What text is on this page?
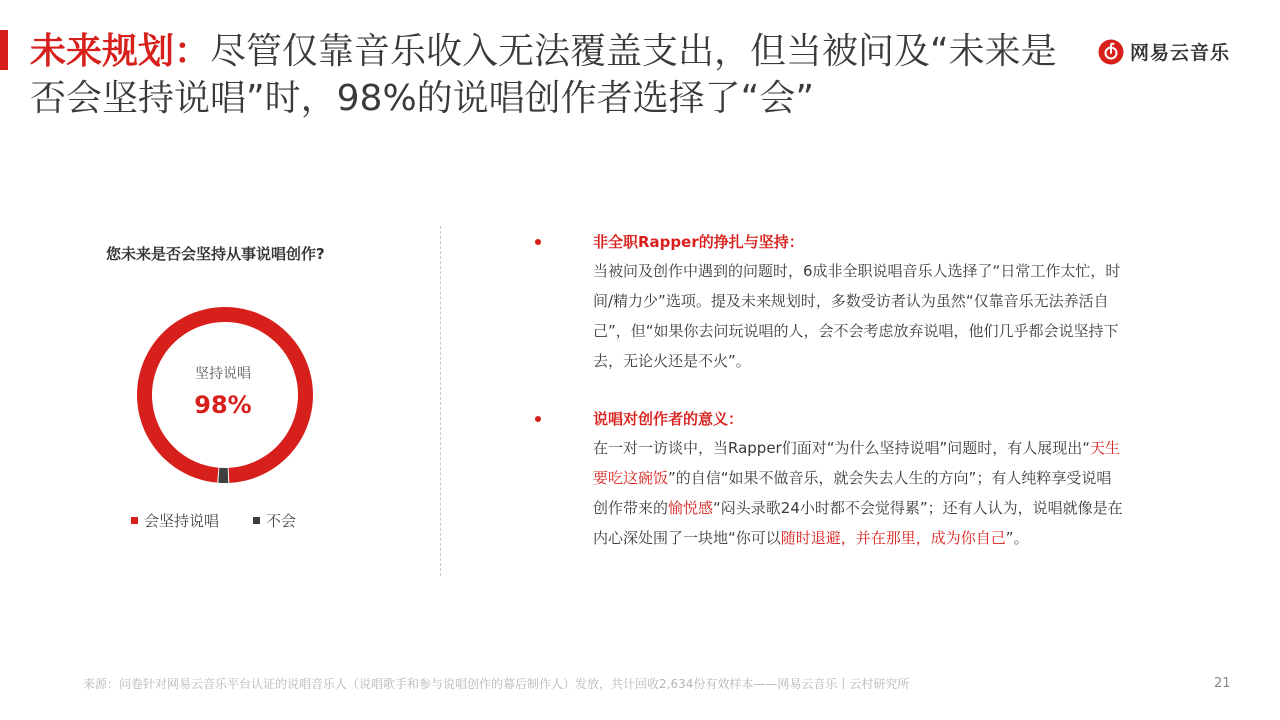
未来规划：尽管仅靠音乐收入无法覆盖支出，但当被问及“未来是否会坚持说唱”时，98%的说唱创作者选择了“会”
网易云音乐
您未来是否会坚持从事说唱创作?
坚持说唱
98%
会坚持说唱	不会
非全职Rapper的挣扎与坚持：
当被问及创作中遇到的问题时，6成非全职说唱音乐人选择了“日常工作太忙，时间/精力少”选项。提及未来规划时，多数受访者认为虽然“仅靠音乐无法养活自己”，但“如果你去问玩说唱的人，会不会考虑放弃说唱，他们几乎都会说坚持下去，无论火还是不火”。
说唱对创作者的意义：
在一对一访谈中，当Rapper们面对“为什么坚持说唱”问题时，有人展现出“天生要吃这碗饭”的自信“如果不做音乐，就会失去人生的方向”；有人纯粹享受说唱创作带来的愉悦感“闷头录歌24小时都不会觉得累”；还有人认为，说唱就像是在内心深处围了一块地“你可以随时退避，并在那里，成为你自己”。
来源：问卷针对网易云音乐平台认证的说唱音乐人（说唱歌手和参与说唱创作的幕后制作人）发放，共计回收2,634份有效样本——网易云音乐丨云村研究所	21
